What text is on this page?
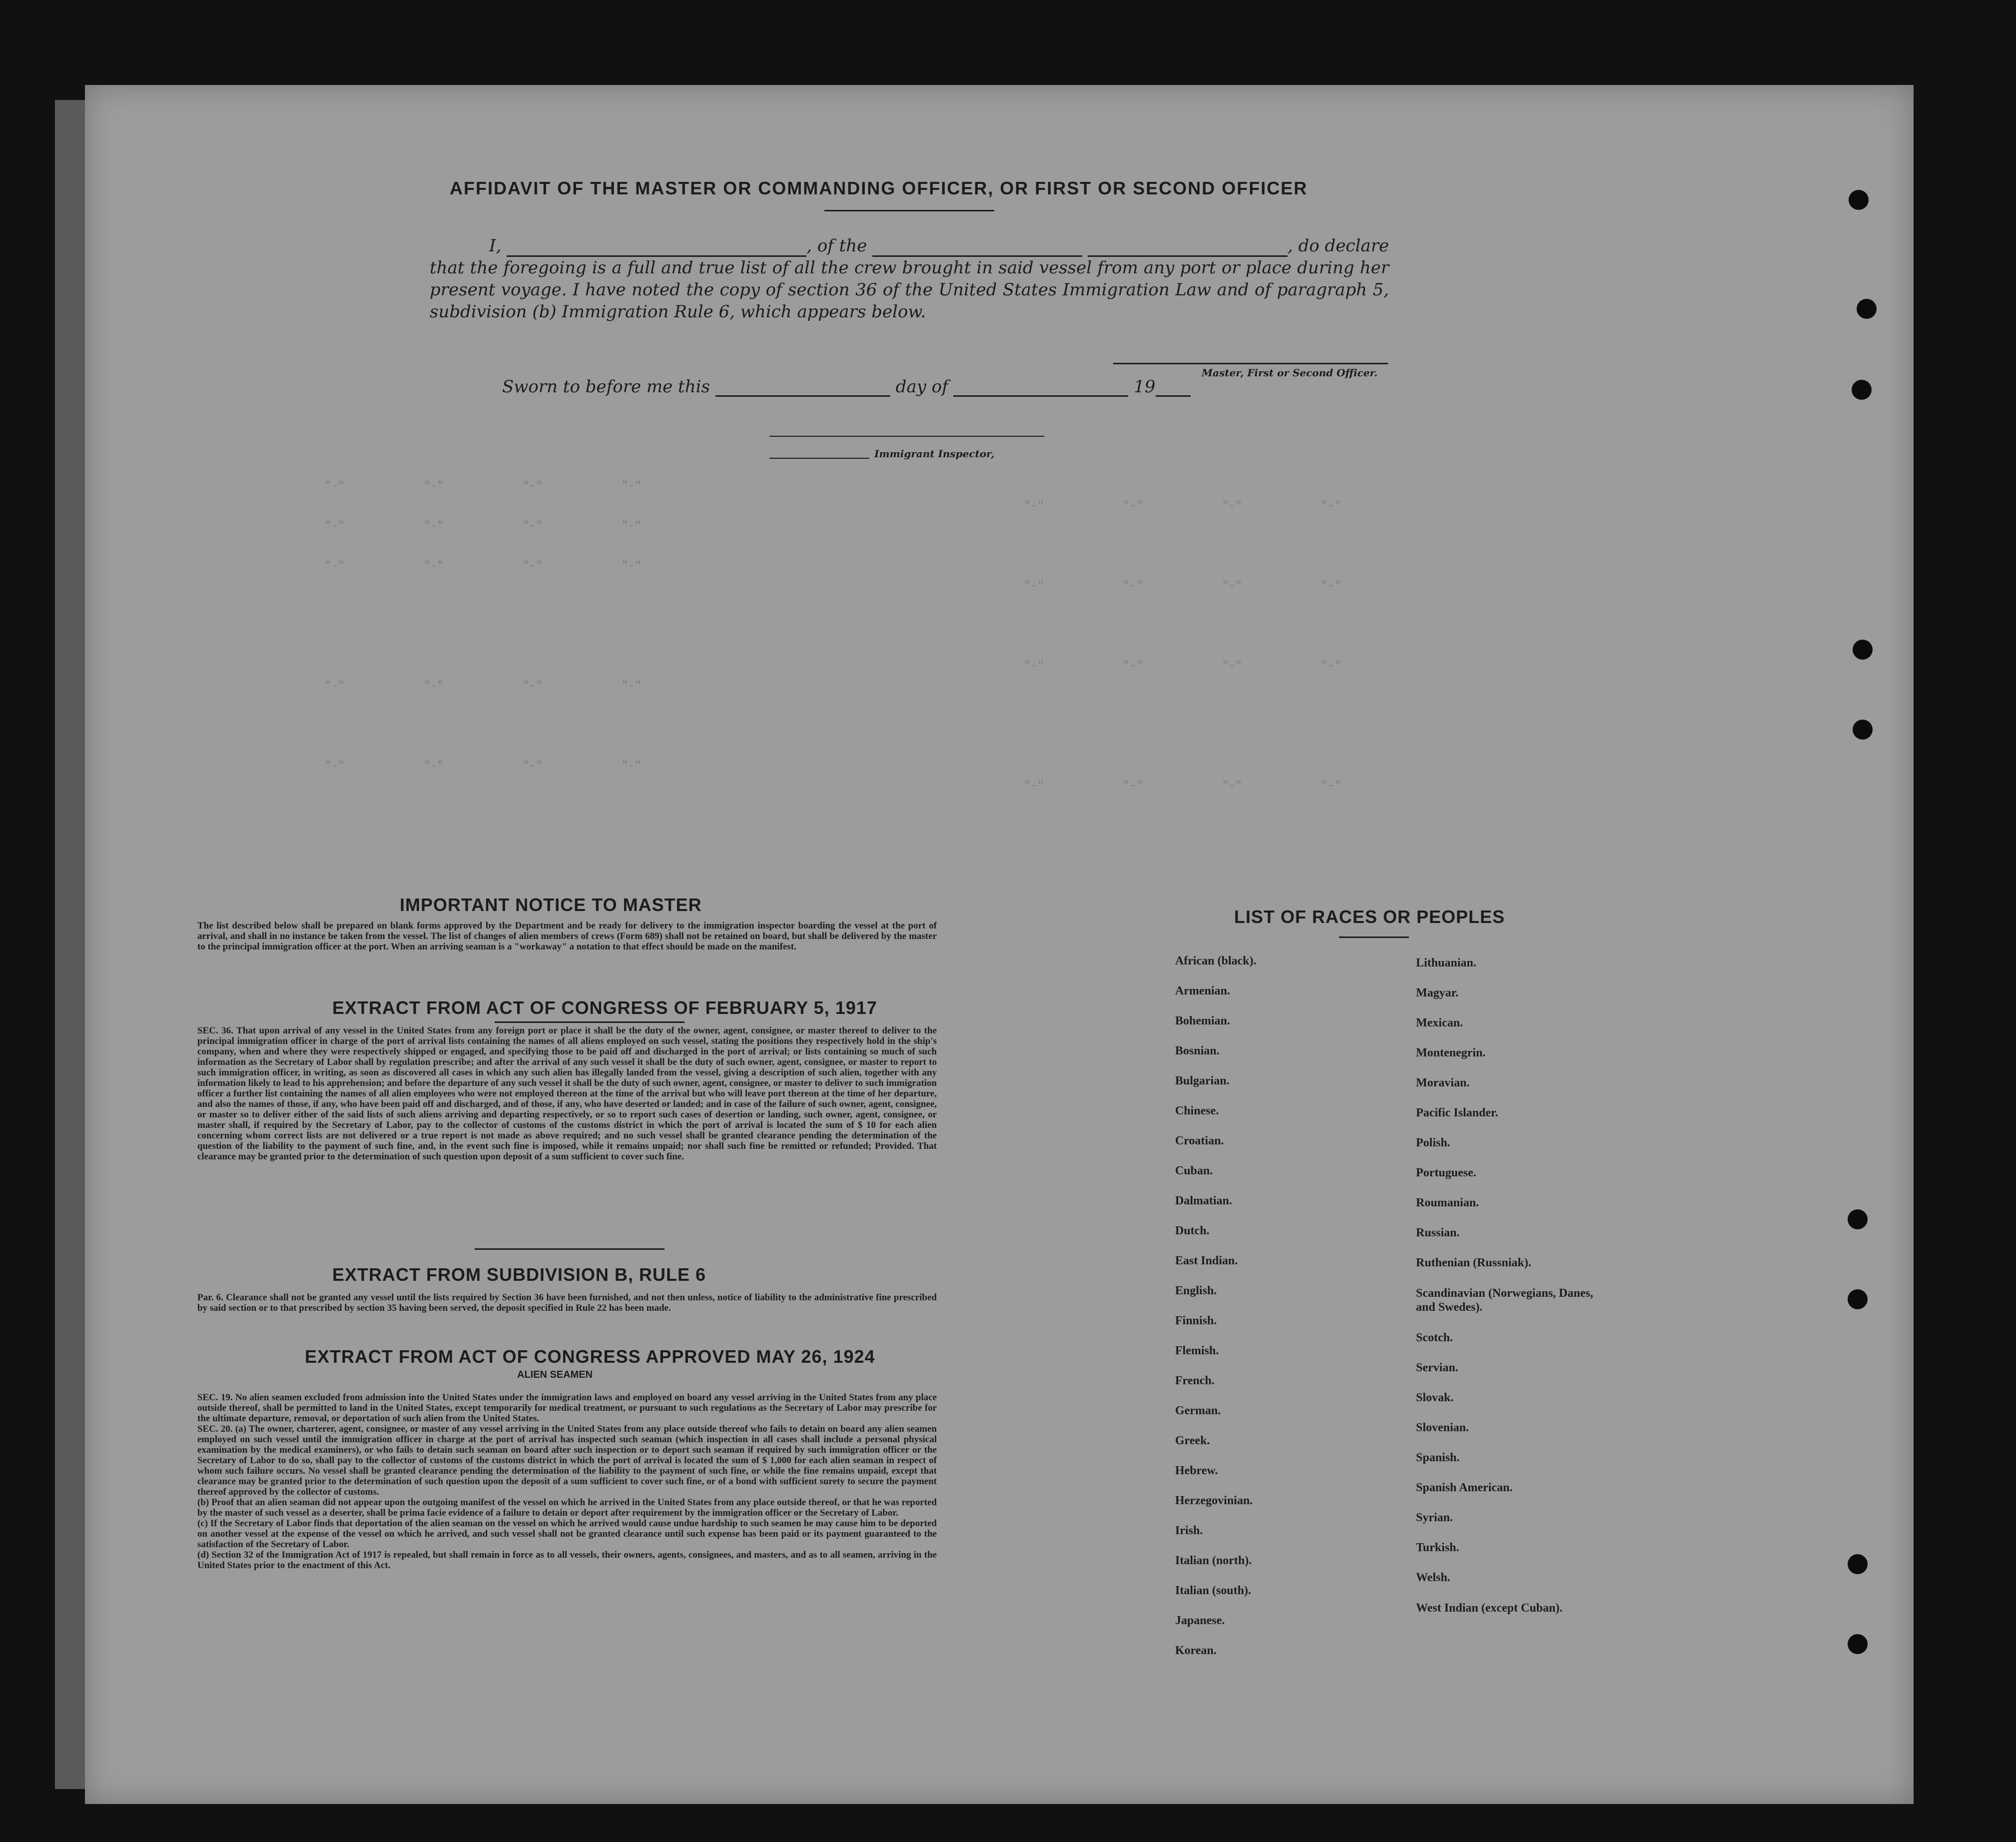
"-"            "-"            "-"            "-"
"-"            "-"            "-"            "-"
"-"            "-"            "-"            "-"
"-"            "-"            "-"            "-"
"-"            "-"            "-"            "-"
"-"            "-"            "-"            "-"
"-"            "-"            "-"            "-"
"-"            "-"            "-"            "-"
"-"            "-"            "-"            "-"
AFFIDAVIT OF THE MASTER OR COMMANDING OFFICER, OR FIRST OR SECOND OFFICER

I,	, of the	, do declare

that the foregoing is a full and true list of all the crew brought in said vessel from any port or place during her present voyage. I have noted the copy of section 36 of the United States Immigration Law and of paragraph 5, subdivision (b) Immigration Rule 6, which appears below.

Master, First or Second Officer.
Sworn to before me this	day of	19
Immigrant Inspector,
IMPORTANT NOTICE TO MASTER
The list described below shall be prepared on blank forms approved by the Department and be ready for delivery to the immigration inspector boarding the vessel at the port of arrival, and shall in no instance be taken from the vessel. The list of changes of alien members of crews (Form 689) shall not be retained on board, but shall be delivered by the master to the principal immigration officer at the port. When an arriving seaman is a "workaway" a notation to that effect should be made on the manifest.
EXTRACT FROM ACT OF CONGRESS OF FEBRUARY 5, 1917
SEC. 36. That upon arrival of any vessel in the United States from any foreign port or place it shall be the duty of the owner, agent, consignee, or master thereof to deliver to the principal immigration officer in charge of the port of arrival lists containing the names of all aliens employed on such vessel, stating the positions they respectively hold in the ship's company, when and where they were respectively shipped or engaged, and specifying those to be paid off and discharged in the port of arrival; or lists containing so much of such information as the Secretary of Labor shall by regulation prescribe; and after the arrival of any such vessel it shall be the duty of such owner, agent, consignee, or master to report to such immigration officer, in writing, as soon as discovered all cases in which any such alien has illegally landed from the vessel, giving a description of such alien, together with any information likely to lead to his apprehension; and before the departure of any such vessel it shall be the duty of such owner, agent, consignee, or master to deliver to such immigration officer a further list containing the names of all alien employees who were not employed thereon at the time of the arrival but who will leave port thereon at the time of her departure, and also the names of those, if any, who have been paid off and discharged, and of those, if any, who have deserted or landed; and in case of the failure of such owner, agent, consignee, or master so to deliver either of the said lists of such aliens arriving and departing respectively, or so to report such cases of desertion or landing, such owner, agent, consignee, or master shall, if required by the Secretary of Labor, pay to the collector of customs of the customs district in which the port of arrival is located the sum of $ 10 for each alien concerning whom correct lists are not delivered or a true report is not made as above required; and no such vessel shall be granted clearance pending the determination of the question of the liability to the payment of such fine, and, in the event such fine is imposed, while it remains unpaid; nor shall such fine be remitted or refunded; Provided. That clearance may be granted prior to the determination of such question upon deposit of a sum sufficient to cover such fine.
EXTRACT FROM SUBDIVISION B, RULE 6
Par. 6. Clearance shall not be granted any vessel until the lists required by Section 36 have been furnished, and not then unless, notice of liability to the administrative fine prescribed by said section or to that prescribed by section 35 having been served, the deposit specified in Rule 22 has been made.
EXTRACT FROM ACT OF CONGRESS APPROVED MAY 26, 1924
ALIEN SEAMEN
SEC. 19. No alien seamen excluded from admission into the United States under the immigration laws and employed on board any vessel arriving in the United States from any place outside thereof, shall be permitted to land in the United States, except temporarily for medical treatment, or pursuant to such regulations as the Secretary of Labor may prescribe for the ultimate departure, removal, or deportation of such alien from the United States.
SEC. 20. (a) The owner, charterer, agent, consignee, or master of any vessel arriving in the United States from any place outside thereof who fails to detain on board any alien seamen employed on such vessel until the immigration officer in charge at the port of arrival has inspected such seaman (which inspection in all cases shall include a personal physical examination by the medical examiners), or who fails to detain such seaman on board after such inspection or to deport such seaman if required by such immigration officer or the Secretary of Labor to do so, shall pay to the collector of customs of the customs district in which the port of arrival is located the sum of $ 1,000 for each alien seaman in respect of whom such failure occurs. No vessel shall be granted clearance pending the determination of the liability to the payment of such fine, or while the fine remains unpaid, except that clearance may be granted prior to the determination of such question upon the deposit of a sum sufficient to cover such fine, or of a bond with sufficient surety to secure the payment thereof approved by the collector of customs.
(b) Proof that an alien seaman did not appear upon the outgoing manifest of the vessel on which he arrived in the United States from any place outside thereof, or that he was reported by the master of such vessel as a deserter, shall be prima facie evidence of a failure to detain or deport after requirement by the immigration officer or the Secretary of Labor.
(c) If the Secretary of Labor finds that deportation of the alien seaman on the vessel on which he arrived would cause undue hardship to such seamen he may cause him to be deported on another vessel at the expense of the vessel on which he arrived, and such vessel shall not be granted clearance until such expense has been paid or its payment guaranteed to the satisfaction of the Secretary of Labor.
(d) Section 32 of the Immigration Act of 1917 is repealed, but shall remain in force as to all vessels, their owners, agents, consignees, and masters, and as to all seamen, arriving in the United States prior to the enactment of this Act.
LIST OF RACES OR PEOPLES
African (black).
Armenian.
Bohemian.
Bosnian.
Bulgarian.
Chinese.
Croatian.
Cuban.
Dalmatian.
Dutch.
East Indian.
English.
Finnish.
Flemish.
French.
German.
Greek.
Hebrew.
Herzegovinian.
Irish.
Italian (north).
Italian (south).
Japanese.
Korean.
Lithuanian.
Magyar.
Mexican.
Montenegrin.
Moravian.
Pacific Islander.
Polish.
Portuguese.
Roumanian.
Russian.
Ruthenian (Russniak).
Scandinavian (Norwegians, Danes, and Swedes).
Scotch.
Servian.
Slovak.
Slovenian.
Spanish.
Spanish American.
Syrian.
Turkish.
Welsh.
West Indian (except Cuban).
